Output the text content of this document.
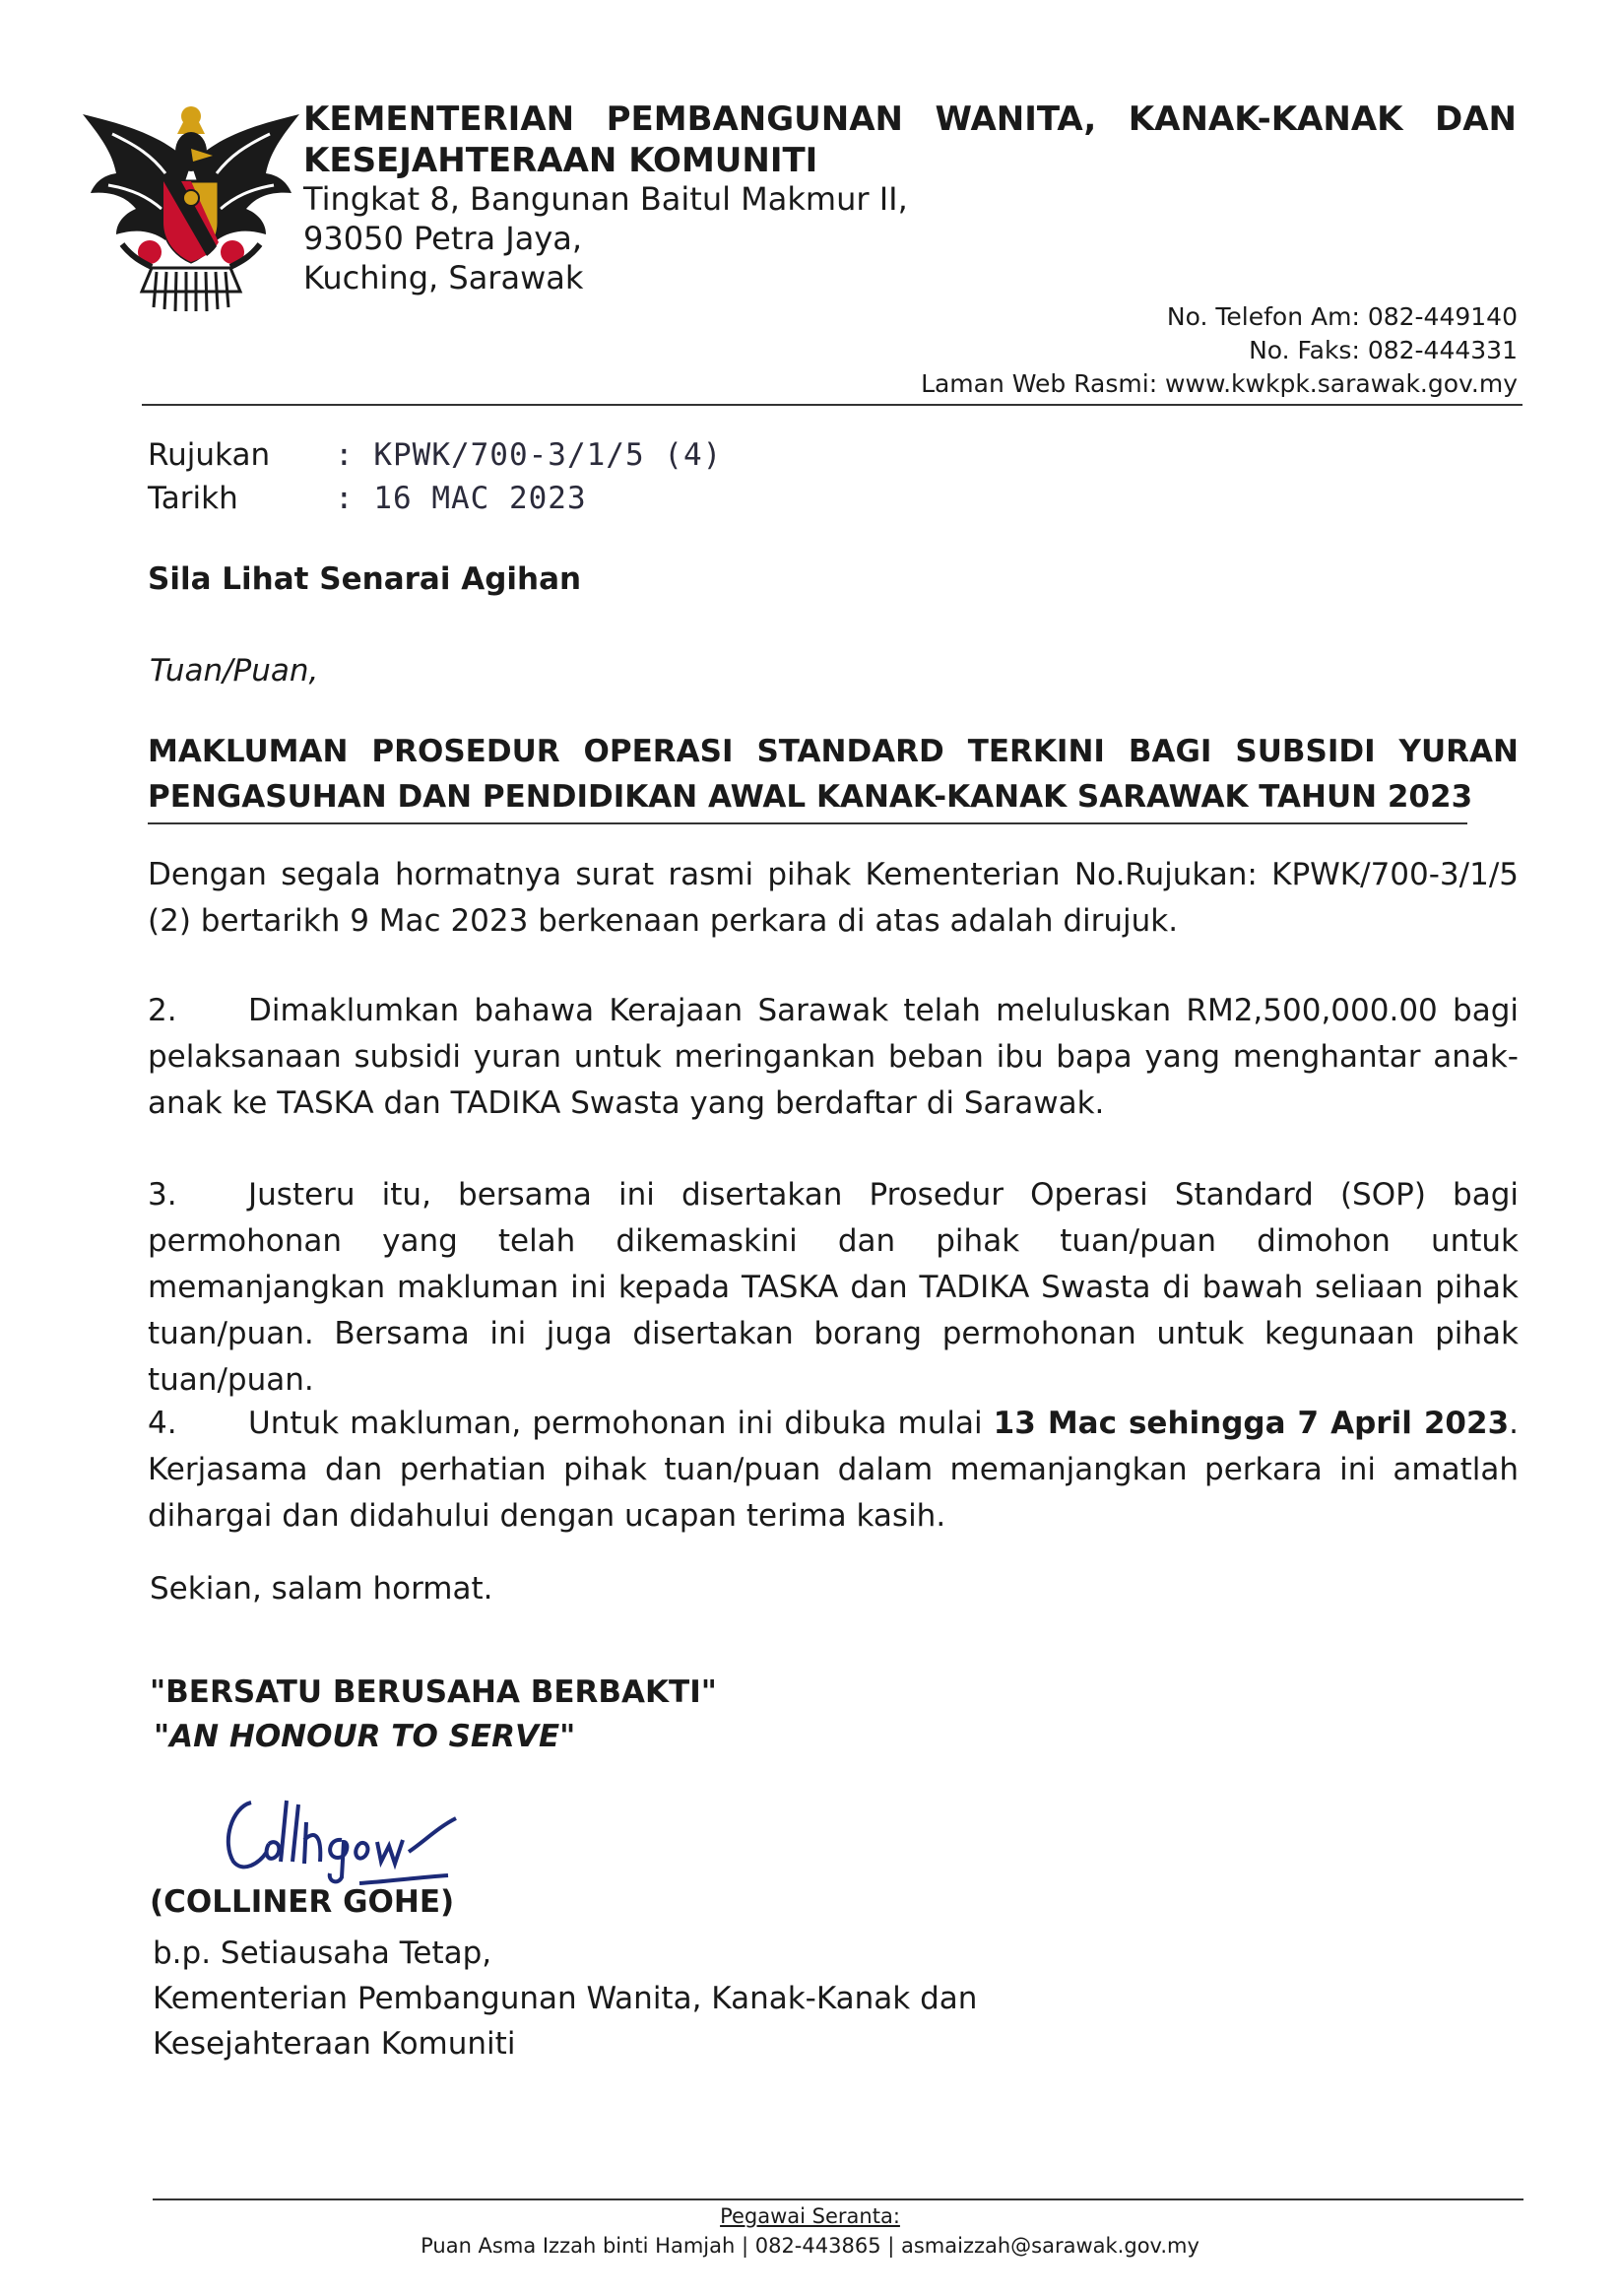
KEMENTERIAN PEMBANGUNAN WANITA, KANAK-KANAK DAN
KESEJAHTERAAN KOMUNITI
Tingkat 8, Bangunan Baitul Makmur II,
93050 Petra Jaya,
Kuching, Sarawak
No. Telefon Am: 082-449140
No. Faks: 082-444331
Laman Web Rasmi: www.kwkpk.sarawak.gov.my
Rujukan	: KPWK/700-3/1/5 (4)
Tarikh	: 16 MAC 2023
Sila Lihat Senarai Agihan
Tuan/Puan,
MAKLUMAN PROSEDUR OPERASI STANDARD TERKINI BAGI SUBSIDI YURAN
PENGASUHAN DAN PENDIDIKAN AWAL KANAK-KANAK SARAWAK TAHUN 2023
Dengan segala hormatnya surat rasmi pihak Kementerian No.Rujukan: KPWK/700-3/1/5 (2) bertarikh 9 Mac 2023 berkenaan perkara di atas adalah dirujuk.
2. Dimaklumkan bahawa Kerajaan Sarawak telah meluluskan RM2,500,000.00 bagi pelaksanaan subsidi yuran untuk meringankan beban ibu bapa yang menghantar anak-anak ke TASKA dan TADIKA Swasta yang berdaftar di Sarawak.
3. Justeru itu, bersama ini disertakan Prosedur Operasi Standard (SOP) bagi permohonan yang telah dikemaskini dan pihak tuan/puan dimohon untuk memanjangkan makluman ini kepada TASKA dan TADIKA Swasta di bawah seliaan pihak tuan/puan. Bersama ini juga disertakan borang permohonan untuk kegunaan pihak tuan/puan.
4. Untuk makluman, permohonan ini dibuka mulai 13 Mac sehingga 7 April 2023. Kerjasama dan perhatian pihak tuan/puan dalam memanjangkan perkara ini amatlah dihargai dan didahului dengan ucapan terima kasih.
Sekian, salam hormat.
"BERSATU BERUSAHA BERBAKTI"
"AN HONOUR TO SERVE"
(COLLINER GOHE)
b.p. Setiausaha Tetap,
Kementerian Pembangunan Wanita, Kanak-Kanak dan
Kesejahteraan Komuniti
Pegawai Seranta:
Puan Asma Izzah binti Hamjah | 082-443865 | asmaizzah@sarawak.gov.my
